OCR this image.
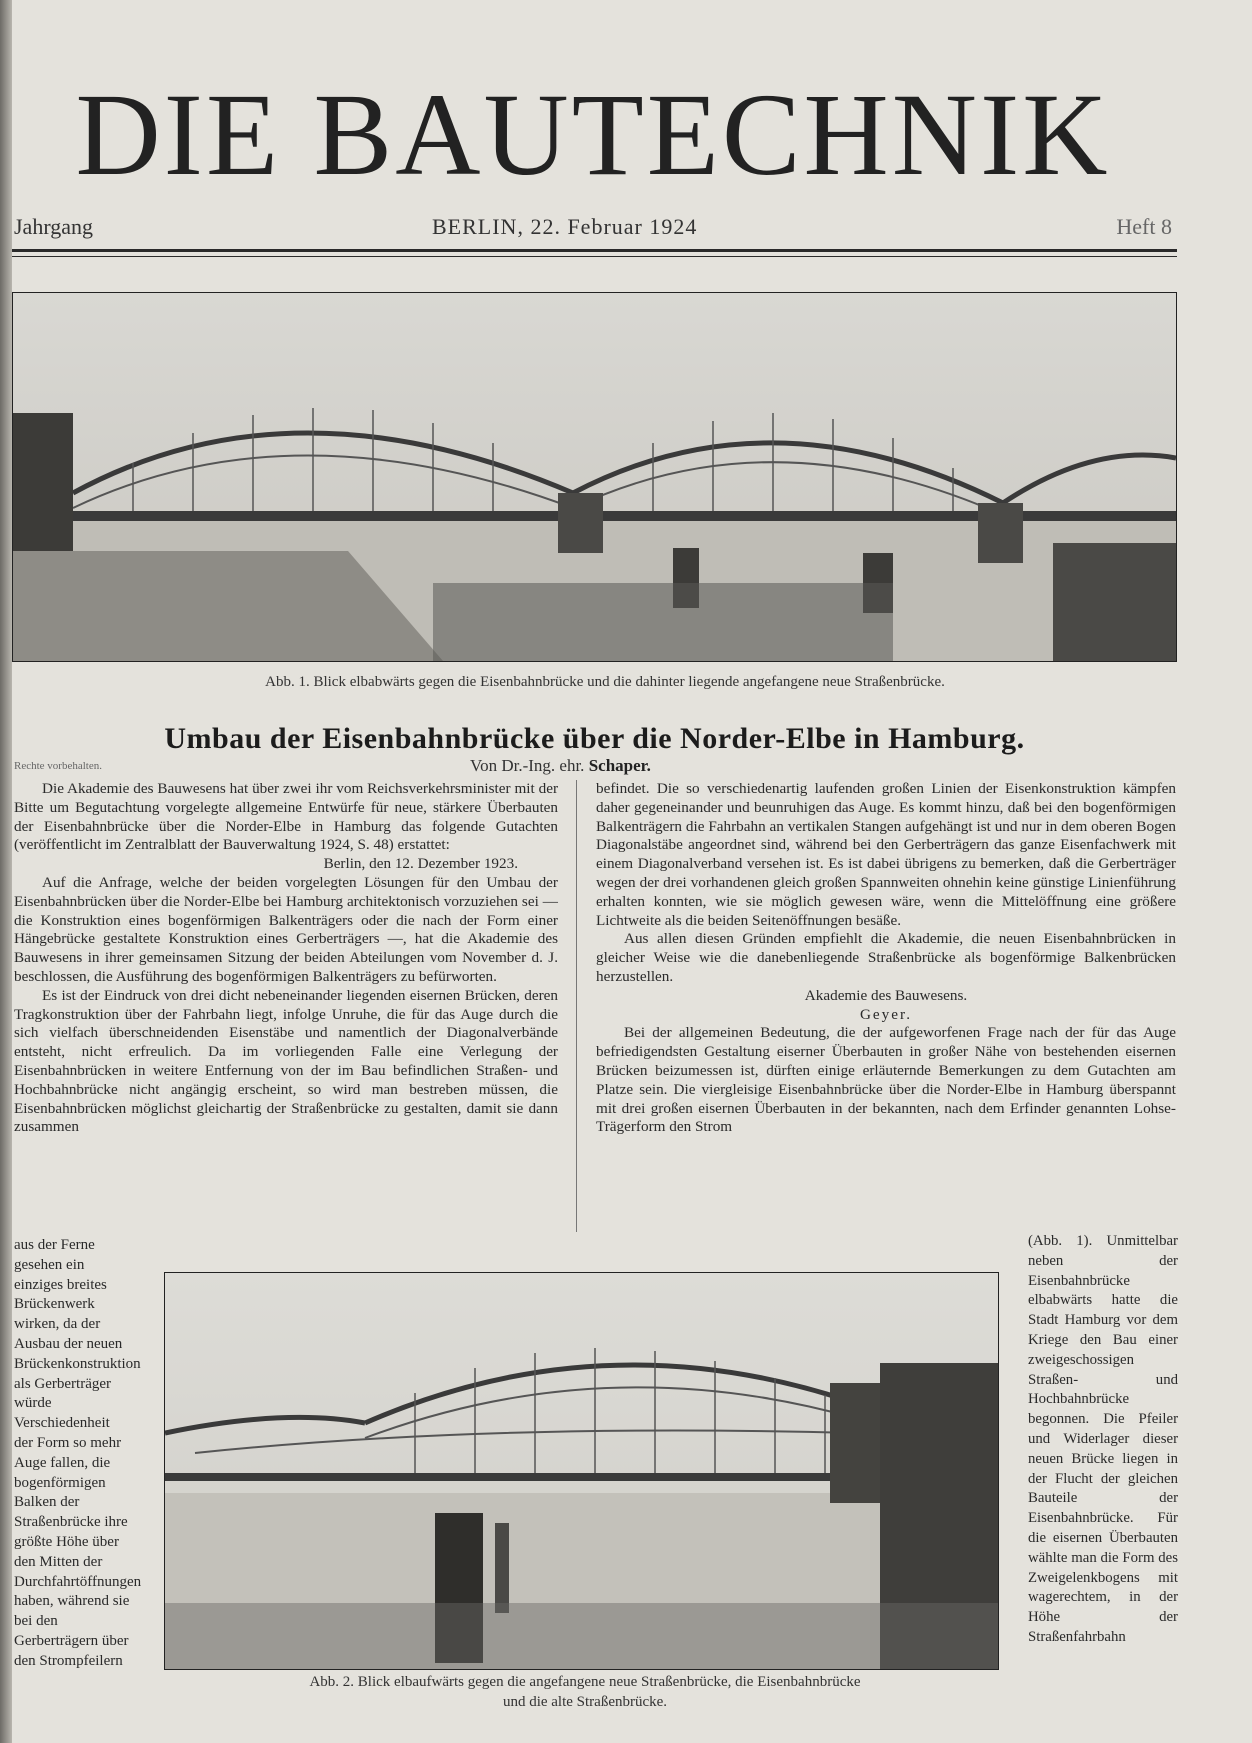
DIE BAUTECHNIK
Jahrgang	BERLIN, 22. Februar 1924	Heft 8
Abb. 1. Blick elbabwärts gegen die Eisenbahnbrücke und die dahinter liegende angefangene neue Straßenbrücke.
Umbau der Eisenbahnbrücke über die Norder-Elbe in Hamburg.
Rechte vorbehalten.	Von Dr.-Ing. ehr. Schaper.

Die Akademie des Bauwesens hat über zwei ihr vom Reichsverkehrsminister mit der Bitte um Begutachtung vorgelegte allgemeine Entwürfe für neue, stärkere Überbauten der Eisenbahnbrücke über die Norder-Elbe in Hamburg das folgende Gutachten (veröffentlicht im Zentralblatt der Bauverwaltung 1924, S. 48) erstattet:

Berlin, den 12. Dezember 1923.

Auf die Anfrage, welche der beiden vorgelegten Lösungen für den Umbau der Eisenbahnbrücken über die Norder-Elbe bei Hamburg architektonisch vorzuziehen sei — die Konstruktion eines bogenförmigen Balkenträgers oder die nach der Form einer Hängebrücke gestaltete Konstruktion eines Gerberträgers —, hat die Akademie des Bauwesens in ihrer gemeinsamen Sitzung der beiden Abteilungen vom November d. J. beschlossen, die Ausführung des bogenförmigen Balkenträgers zu befürworten.

Es ist der Eindruck von drei dicht nebeneinander liegenden eisernen Brücken, deren Tragkonstruktion über der Fahrbahn liegt, infolge Unruhe, die für das Auge durch die sich vielfach überschneidenden Eisenstäbe und namentlich der Diagonalverbände entsteht, nicht erfreulich. Da im vorliegenden Falle eine Verlegung der Eisenbahnbrücken in weitere Entfernung von der im Bau befindlichen Straßen- und Hochbahnbrücke nicht angängig erscheint, so wird man bestreben müssen, die Eisenbahnbrücken möglichst gleichartig der Straßenbrücke zu gestalten, damit sie dann zusammen

befindet. Die so verschiedenartig laufenden großen Linien der Eisenkonstruktion kämpfen daher gegeneinander und beunruhigen das Auge. Es kommt hinzu, daß bei den bogenförmigen Balkenträgern die Fahrbahn an vertikalen Stangen aufgehängt ist und nur in dem oberen Bogen Diagonalstäbe angeordnet sind, während bei den Gerberträgern das ganze Eisenfachwerk mit einem Diagonalverband versehen ist. Es ist dabei übrigens zu bemerken, daß die Gerberträger wegen der drei vorhandenen gleich großen Spannweiten ohnehin keine günstige Linienführung erhalten konnten, wie sie möglich gewesen wäre, wenn die Mittelöffnung eine größere Lichtweite als die beiden Seitenöffnungen besäße.

Aus allen diesen Gründen empfiehlt die Akademie, die neuen Eisenbahnbrücken in gleicher Weise wie die danebenliegende Straßenbrücke als bogenförmige Balkenbrücken herzustellen.

Akademie des Bauwesens.

Geyer.

Bei der allgemeinen Bedeutung, die der aufgeworfenen Frage nach der für das Auge befriedigendsten Gestaltung eiserner Überbauten in großer Nähe von bestehenden eisernen Brücken beizumessen ist, dürften einige erläuternde Bemerkungen zu dem Gutachten am Platze sein. Die viergleisige Eisenbahnbrücke über die Norder-Elbe in Hamburg überspannt mit drei großen eisernen Überbauten in der bekannten, nach dem Erfinder genannten Lohse-Trägerform den Strom

aus der Ferne gesehen ein einziges breites Brückenwerk wirken, da der Ausbau der neuen Brückenkonstruktion als Gerberträger würde Verschiedenheit der Form so mehr Auge fallen, die bogenförmigen Balken der Straßenbrücke ihre größte Höhe über den Mitten der Durchfahrtöffnungen haben, während sie bei den Gerberträgern über den Strompfeilern

(Abb. 1). Unmittelbar neben der Eisenbahnbrücke elbabwärts hatte die Stadt Hamburg vor dem Kriege den Bau einer zweigeschossigen Straßen- und Hochbahnbrücke begonnen. Die Pfeiler und Widerlager dieser neuen Brücke liegen in der Flucht der gleichen Bauteile der Eisenbahnbrücke. Für die eisernen Überbauten wählte man die Form des Zweigelenkbogens mit wagerechtem, in der Höhe der Straßenfahrbahn

Abb. 2. Blick elbaufwärts gegen die angefangene neue Straßenbrücke, die Eisenbahnbrücke
und die alte Straßenbrücke.
